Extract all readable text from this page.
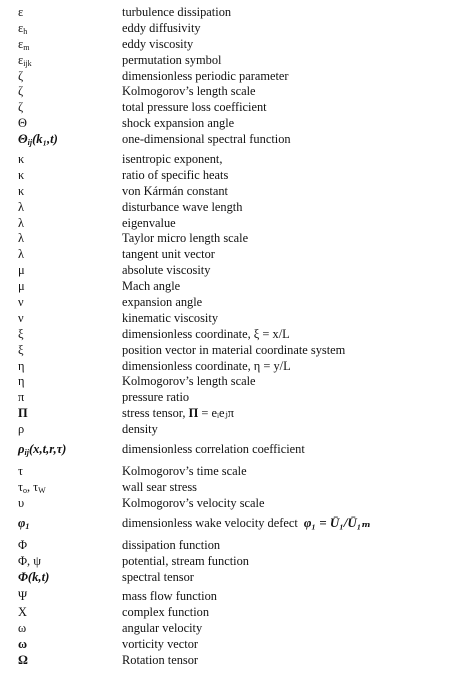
ε	turbulence dissipation
$\varepsilon_h$	eddy diffusivity
$\varepsilon_m$	eddy viscosity
$\varepsilon_{ijk}$	permutation symbol
ζ	dimensionless periodic parameter
ζ	Kolmogorov’s length scale
ζ	total pressure loss coefficient
Θ	shock expansion angle
$\Theta_{ij}(k_1,t)$	one-dimensional spectral function
κ	isentropic exponent,
κ	ratio of specific heats
κ	von Kármán constant
λ	disturbance wave length
λ	eigenvalue
λ	Taylor micro length scale
λ	tangent unit vector
μ	absolute viscosity
μ	Mach angle
ν	expansion angle
ν	kinematic viscosity
ξ	dimensionless coordinate, ξ = x/L
ξ	position vector in material coordinate system
η	dimensionless coordinate, η = y/L
η	Kolmogorov’s length scale
π	pressure ratio
Π	stress tensor, Π = eᵢeⱼπ
ρ	density
$\rho_{ij}(x,t,r,\tau)$	dimensionless correlation coefficient
τ	Kolmogorov’s time scale
$\tau_o$, $\tau_W$	wall sear stress
υ	Kolmogorov’s velocity scale
$\varphi_1$	dimensionless wake velocity defect φ₁ = Ū₁/Ū₁ₘ
Φ	dissipation function
Φ, ψ	potential, stream function
Φ(k,t)	spectral tensor
Ψ	mass flow function
Χ	complex function
ω	angular velocity
ω	vorticity vector
Ω	Rotation tensor
